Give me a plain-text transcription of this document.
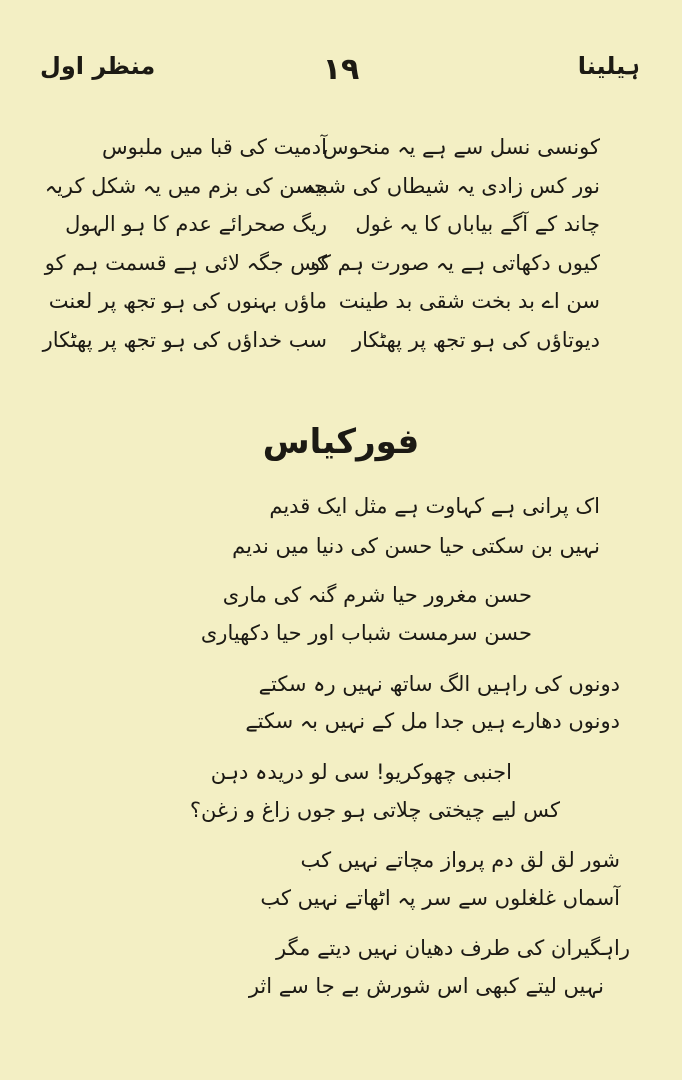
ہیلینا
۱۹
منظر اول
کونسی نسل سے ہے یہ منحوس
نور کس زادی یہ شیطاں کی شبیہ
چاند کے آگے بیاباں کا یہ غول
کیوں دکھاتی ہے یہ صورت ہم کو
سن اے بد بخت شقی بد طینت
دیوتاؤں کی ہو تجھ پر پھٹکار
آدمیت کی قبا میں ملبوس
حسن کی بزم میں یہ شکل کریہ
ریگ صحرائے عدم کا ہو الہول
کس جگہ لائی ہے قسمت ہم کو
ماؤں بہنوں کی ہو تجھ پر لعنت
سب خداؤں کی ہو تجھ پر پھٹکار
فورکیاس
اک پرانی ہے کہاوت ہے مثل ایک قدیم
نہیں بن سکتی حیا حسن کی دنیا میں ندیم
حسن مغرور حیا شرم گنہ کی ماری
حسن سرمست شباب اور حیا دکھیاری
دونوں کی راہیں الگ ساتھ نہیں رہ سکتے
دونوں دھارے ہیں جدا مل کے نہیں بہ سکتے
اجنبی چھوکریو! سی لو دریدہ دہن
کس لیے چیختی چلاتی ہو جوں زاغ و زغن؟
شور لق لق دم پرواز مچاتے نہیں کب
آسماں غلغلوں سے سر پہ اٹھاتے نہیں کب
راہگیران کی طرف دھیان نہیں دیتے مگر
نہیں لیتے کبھی اس شورش بے جا سے اثر
